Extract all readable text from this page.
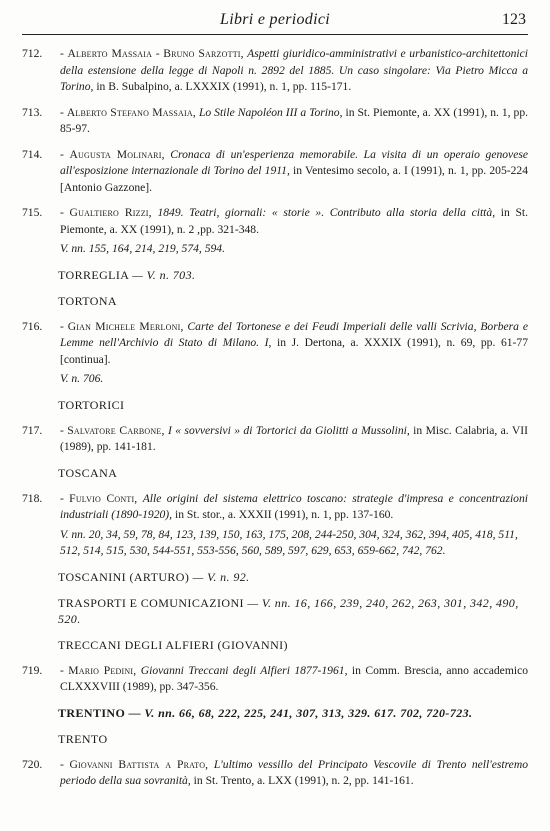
Libri e periodici	123
712. - Alberto Massaia - Bruno Sarzotti, Aspetti giuridico-amministrativi e urbanistico-architettonici della estensione della legge di Napoli n. 2892 del 1885. Un caso singolare: Via Pietro Micca a Torino, in B. Subalpino, a. LXXXIX (1991), n. 1, pp. 115-171.
713. - Alberto Stefano Massaia, Lo Stile Napoléon III a Torino, in St. Piemonte, a. XX (1991), n. 1, pp. 85-97.
714. - Augusta Molinari, Cronaca di un'esperienza memorabile. La visita di un operaio genovese all'esposizione internazionale di Torino del 1911, in Ventesimo secolo, a. I (1991), n. 1, pp. 205-224 [Antonio Gazzone].
715. - Gualtiero Rizzi, 1849. Teatri, giornali: « storie ». Contributo alla storia della città, in St. Piemonte, a. XX (1991), n. 2 ,pp. 321-348.
V. nn. 155, 164, 214, 219, 574, 594.
TORREGLIA — V. n. 703.
TORTONA
716. - Gian Michele Merloni, Carte del Tortonese e dei Feudi Imperiali delle valli Scrivia, Borbera e Lemme nell'Archivio di Stato di Milano. I, in J. Dertona, a. XXXIX (1991), n. 69, pp. 61-77 [continua].
V. n. 706.
TORTORICI
717. - Salvatore Carbone, I « sovversivi » di Tortorici da Giolitti a Mussolini, in Misc. Calabria, a. VII (1989), pp. 141-181.
TOSCANA
718. - Fulvio Conti, Alle origini del sistema elettrico toscano: strategie d'impresa e concentrazioni industriali (1890-1920), in St. stor., a. XXXII (1991), n. 1, pp. 137-160.
V. nn. 20, 34, 59, 78, 84, 123, 139, 150, 163, 175, 208, 244-250, 304, 324, 362, 394, 405, 418, 511, 512, 514, 515, 530, 544-551, 553-556, 560, 589, 597, 629, 653, 659-662, 742, 762.
TOSCANINI (ARTURO) — V. n. 92.
TRASPORTI E COMUNICAZIONI — V. nn. 16, 166, 239, 240, 262, 263, 301, 342, 490, 520.
TRECCANI DEGLI ALFIERI (GIOVANNI)
719. - Mario Pedini, Giovanni Treccani degli Alfieri 1877-1961, in Comm. Brescia, anno accademico CLXXXVIII (1989), pp. 347-356.
TRENTINO — V. nn. 66, 68, 222, 225, 241, 307, 313, 329. 617. 702, 720-723.
TRENTO
720. - Giovanni Battista a Prato, L'ultimo vessillo del Principato Vescovile di Trento nell'estremo periodo della sua sovranità, in St. Trento, a. LXX (1991), n. 2, pp. 141-161.
